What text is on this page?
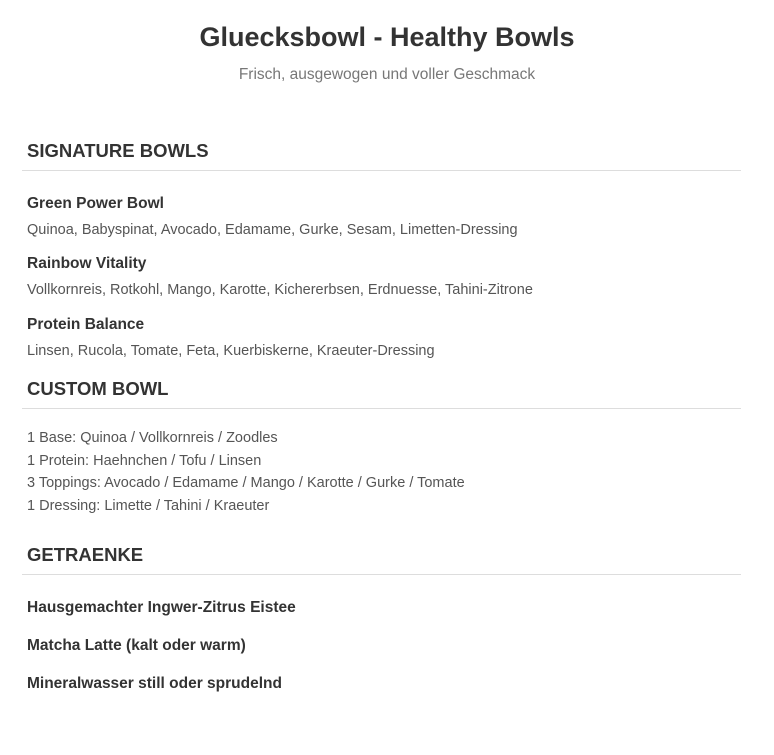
Gluecksbowl - Healthy Bowls
Frisch, ausgewogen und voller Geschmack
SIGNATURE BOWLS
Green Power Bowl
Quinoa, Babyspinat, Avocado, Edamame, Gurke, Sesam, Limetten-Dressing
Rainbow Vitality
Vollkornreis, Rotkohl, Mango, Karotte, Kichererbsen, Erdnuesse, Tahini-Zitrone
Protein Balance
Linsen, Rucola, Tomate, Feta, Kuerbiskerne, Kraeuter-Dressing
CUSTOM BOWL
1 Base: Quinoa / Vollkornreis / Zoodles
1 Protein: Haehnchen / Tofu / Linsen
3 Toppings: Avocado / Edamame / Mango / Karotte / Gurke / Tomate
1 Dressing: Limette / Tahini / Kraeuter
GETRAENKE
Hausgemachter Ingwer-Zitrus Eistee
Matcha Latte (kalt oder warm)
Mineralwasser still oder sprudelnd
